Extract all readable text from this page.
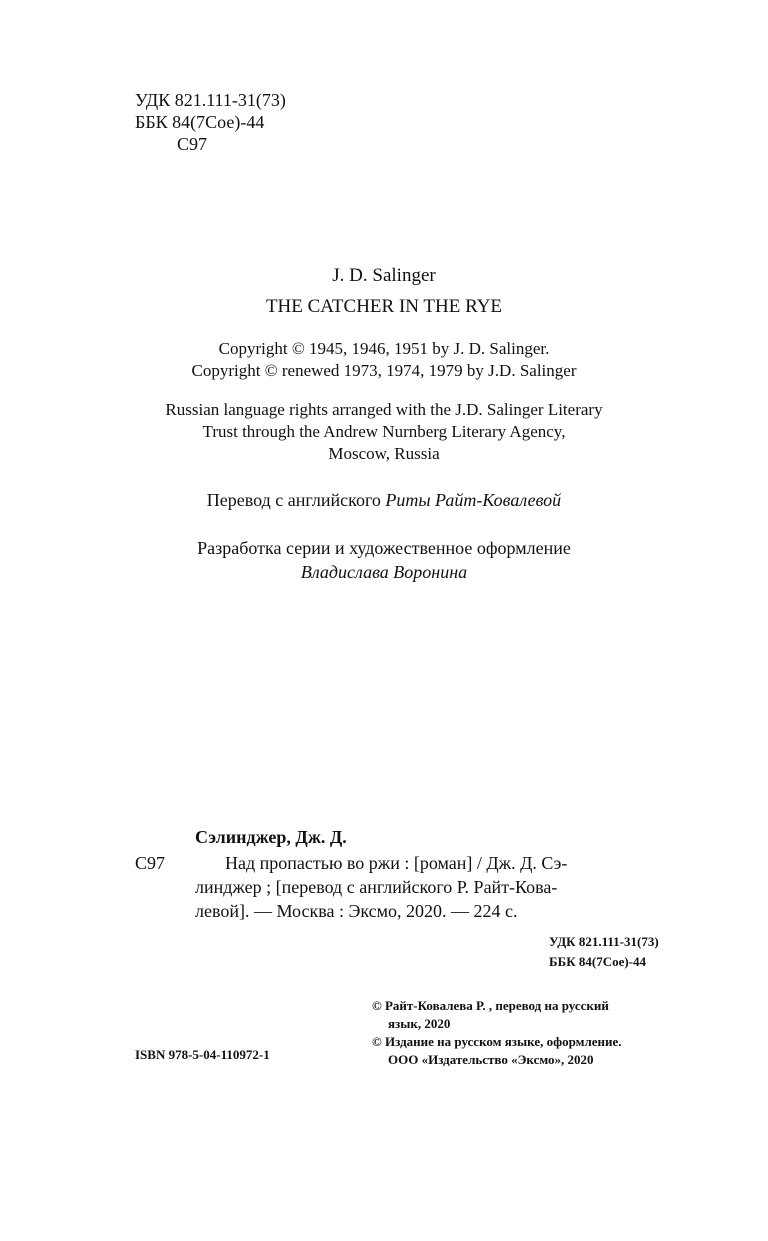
УДК 821.111-31(73)
ББК 84(7Сое)-44
С97
J. D. Salinger
THE CATCHER IN THE RYE
Copyright © 1945, 1946, 1951 by J. D. Salinger.
Copyright © renewed 1973, 1974, 1979 by J.D. Salinger
Russian language rights arranged with the J.D. Salinger Literary
Trust through the Andrew Nurnberg Literary Agency,
Moscow, Russia
Перевод с английского Риты Райт-Ковалевой
Разработка серии и художественное оформление
Владислава Воронина
Сэлинджер, Дж. Д.
С97	Над пропастью во ржи : [роман] / Дж. Д. Сэ-
линджер ; [перевод с английского Р. Райт-Кова-
левой]. — Москва : Эксмо, 2020. — 224 с.
УДК 821.111-31(73)
ББК 84(7Сое)-44
© Райт-Ковалева Р. , перевод на русский
язык, 2020
© Издание на русском языке, оформление.
ООО «Издательство «Эксмо», 2020
ISBN 978-5-04-110972-1
